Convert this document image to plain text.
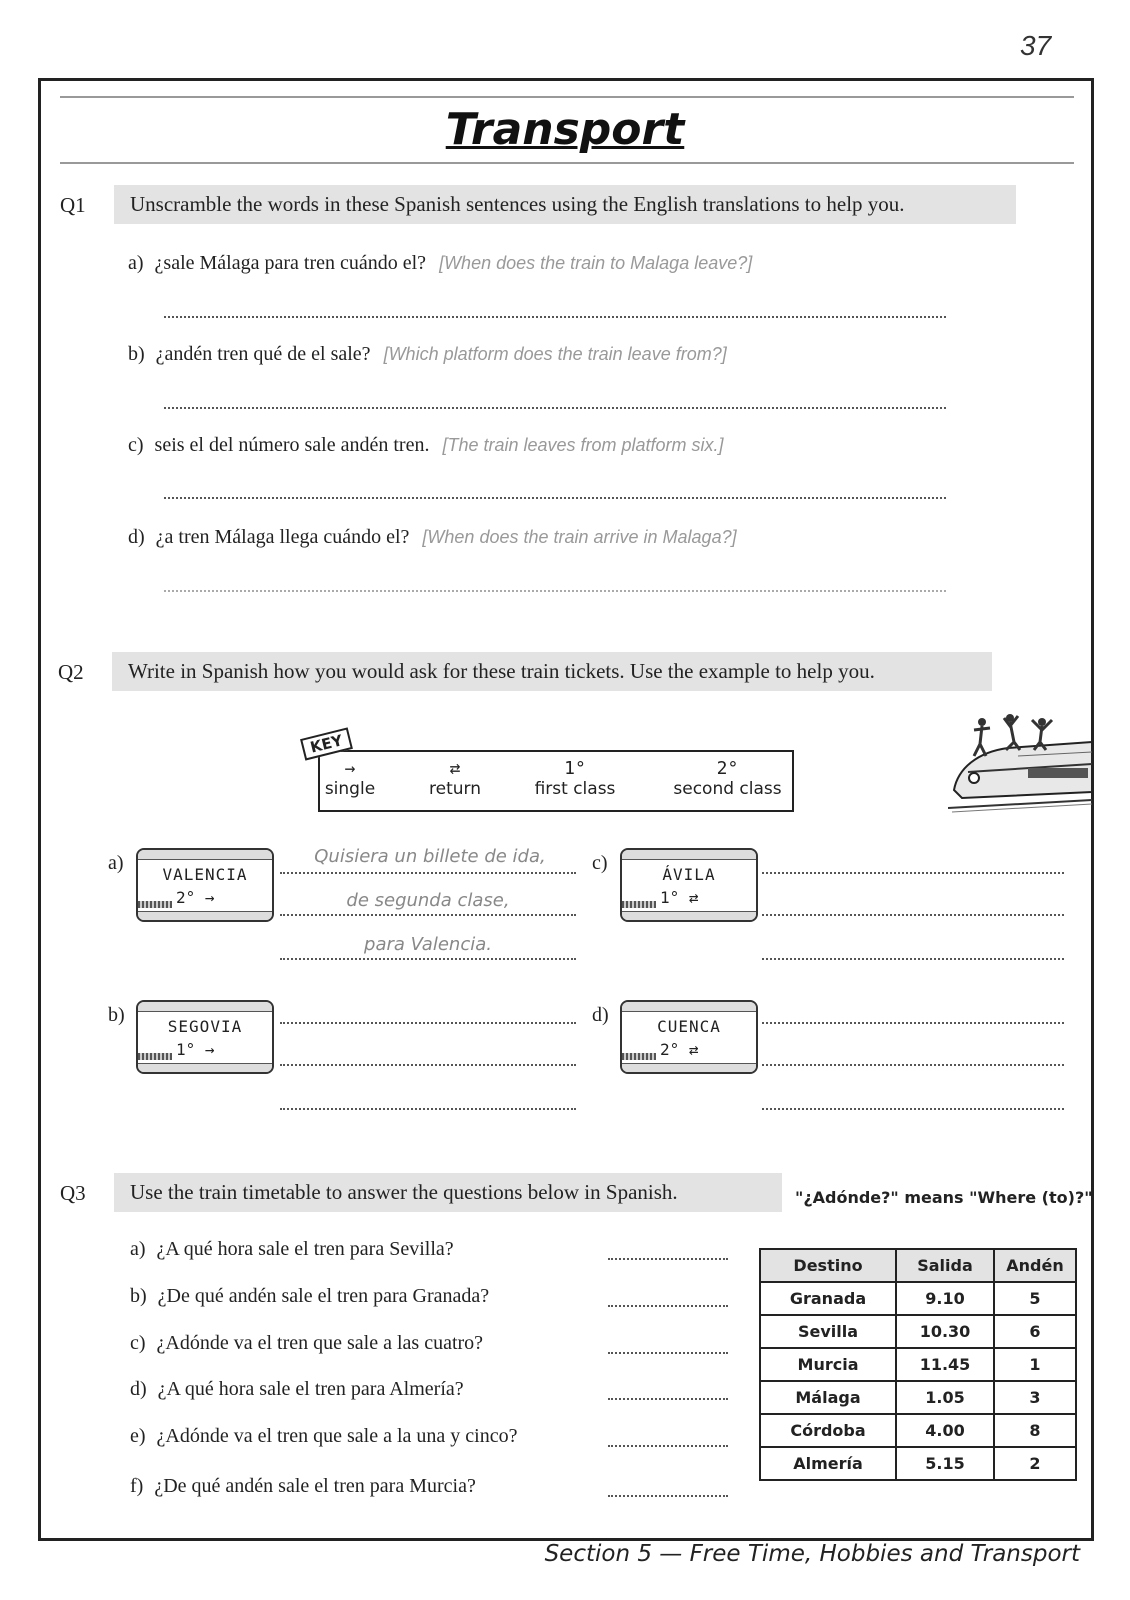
37
Transport
Q1	Unscramble the words in these Spanish sentences using the English translations to help you.
a) ¿sale Málaga para tren cuándo el? [When does the train to Malaga leave?]
b) ¿andén tren qué de el sale? [Which platform does the train leave from?]
c) seis el del número sale andén tren. [The train leaves from platform six.]
d) ¿a tren Málaga llega cuándo el? [When does the train arrive in Malaga?]
Q2	Write in Spanish how you would ask for these train tickets. Use the example to help you.
→
single
⇄
return
1°
first class
2°
second class
KEY
a)
VALENCIA
2° →
Quisiera un billete de ida,
de segunda clase,
para Valencia.
b)
SEGOVIA
1° →
c)
ÁVILA
1° ⇄
d)
CUENCA
2° ⇄
Q3	Use the train timetable to answer the questions below in Spanish.	"¿Adónde?" means "Where (to)?"
a) ¿A qué hora sale el tren para Sevilla?
b) ¿De qué andén sale el tren para Granada?
c) ¿Adónde va el tren que sale a las cuatro?
d) ¿A qué hora sale el tren para Almería?
e) ¿Adónde va el tren que sale a la una y cinco?
f) ¿De qué andén sale el tren para Murcia?
Destino	Salida	Andén
Granada	9.10	5
Sevilla	10.30	6
Murcia	11.45	1
Málaga	1.05	3
Córdoba	4.00	8
Almería	5.15	2
Section 5 — Free Time, Hobbies and Transport
